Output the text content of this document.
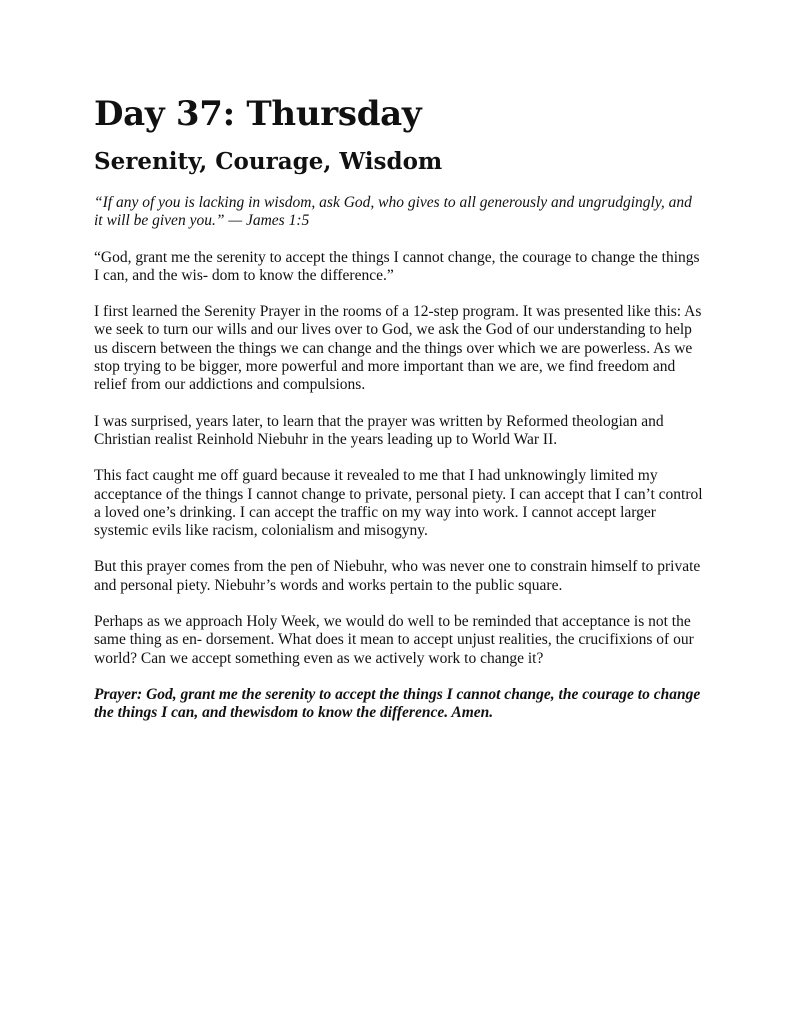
Day 37: Thursday
Serenity, Courage, Wisdom

“If any of you is lacking in wisdom, ask God, who gives to all generously and ungrudgingly, and it will be given you.” — James 1:5

“God, grant me the serenity to accept the things I cannot change, the courage to change the things I can, and the wis- dom to know the difference.”

I first learned the Serenity Prayer in the rooms of a 12-step program. It was presented like this: As we seek to turn our wills and our lives over to God, we ask the God of our understanding to help us discern between the things we can change and the things over which we are powerless. As we stop trying to be bigger, more powerful and more important than we are, we find freedom and relief from our addictions and compulsions.

I was surprised, years later, to learn that the prayer was written by Reformed theologian and Christian realist Reinhold Niebuhr in the years leading up to World War II.

This fact caught me off guard because it revealed to me that I had unknowingly limited my acceptance of the things I cannot change to private, personal piety. I can accept that I can’t control a loved one’s drinking. I can accept the traffic on my way into work. I cannot accept larger systemic evils like racism, colonialism and misogyny.

But this prayer comes from the pen of Niebuhr, who was never one to constrain himself to private and personal piety. Niebuhr’s words and works pertain to the public square.

Perhaps as we approach Holy Week, we would do well to be reminded that acceptance is not the same thing as en- dorsement. What does it mean to accept unjust realities, the crucifixions of our world? Can we accept something even as we actively work to change it?

Prayer: God, grant me the serenity to accept the things I cannot change, the courage to change the things I can, and thewisdom to know the difference. Amen.
